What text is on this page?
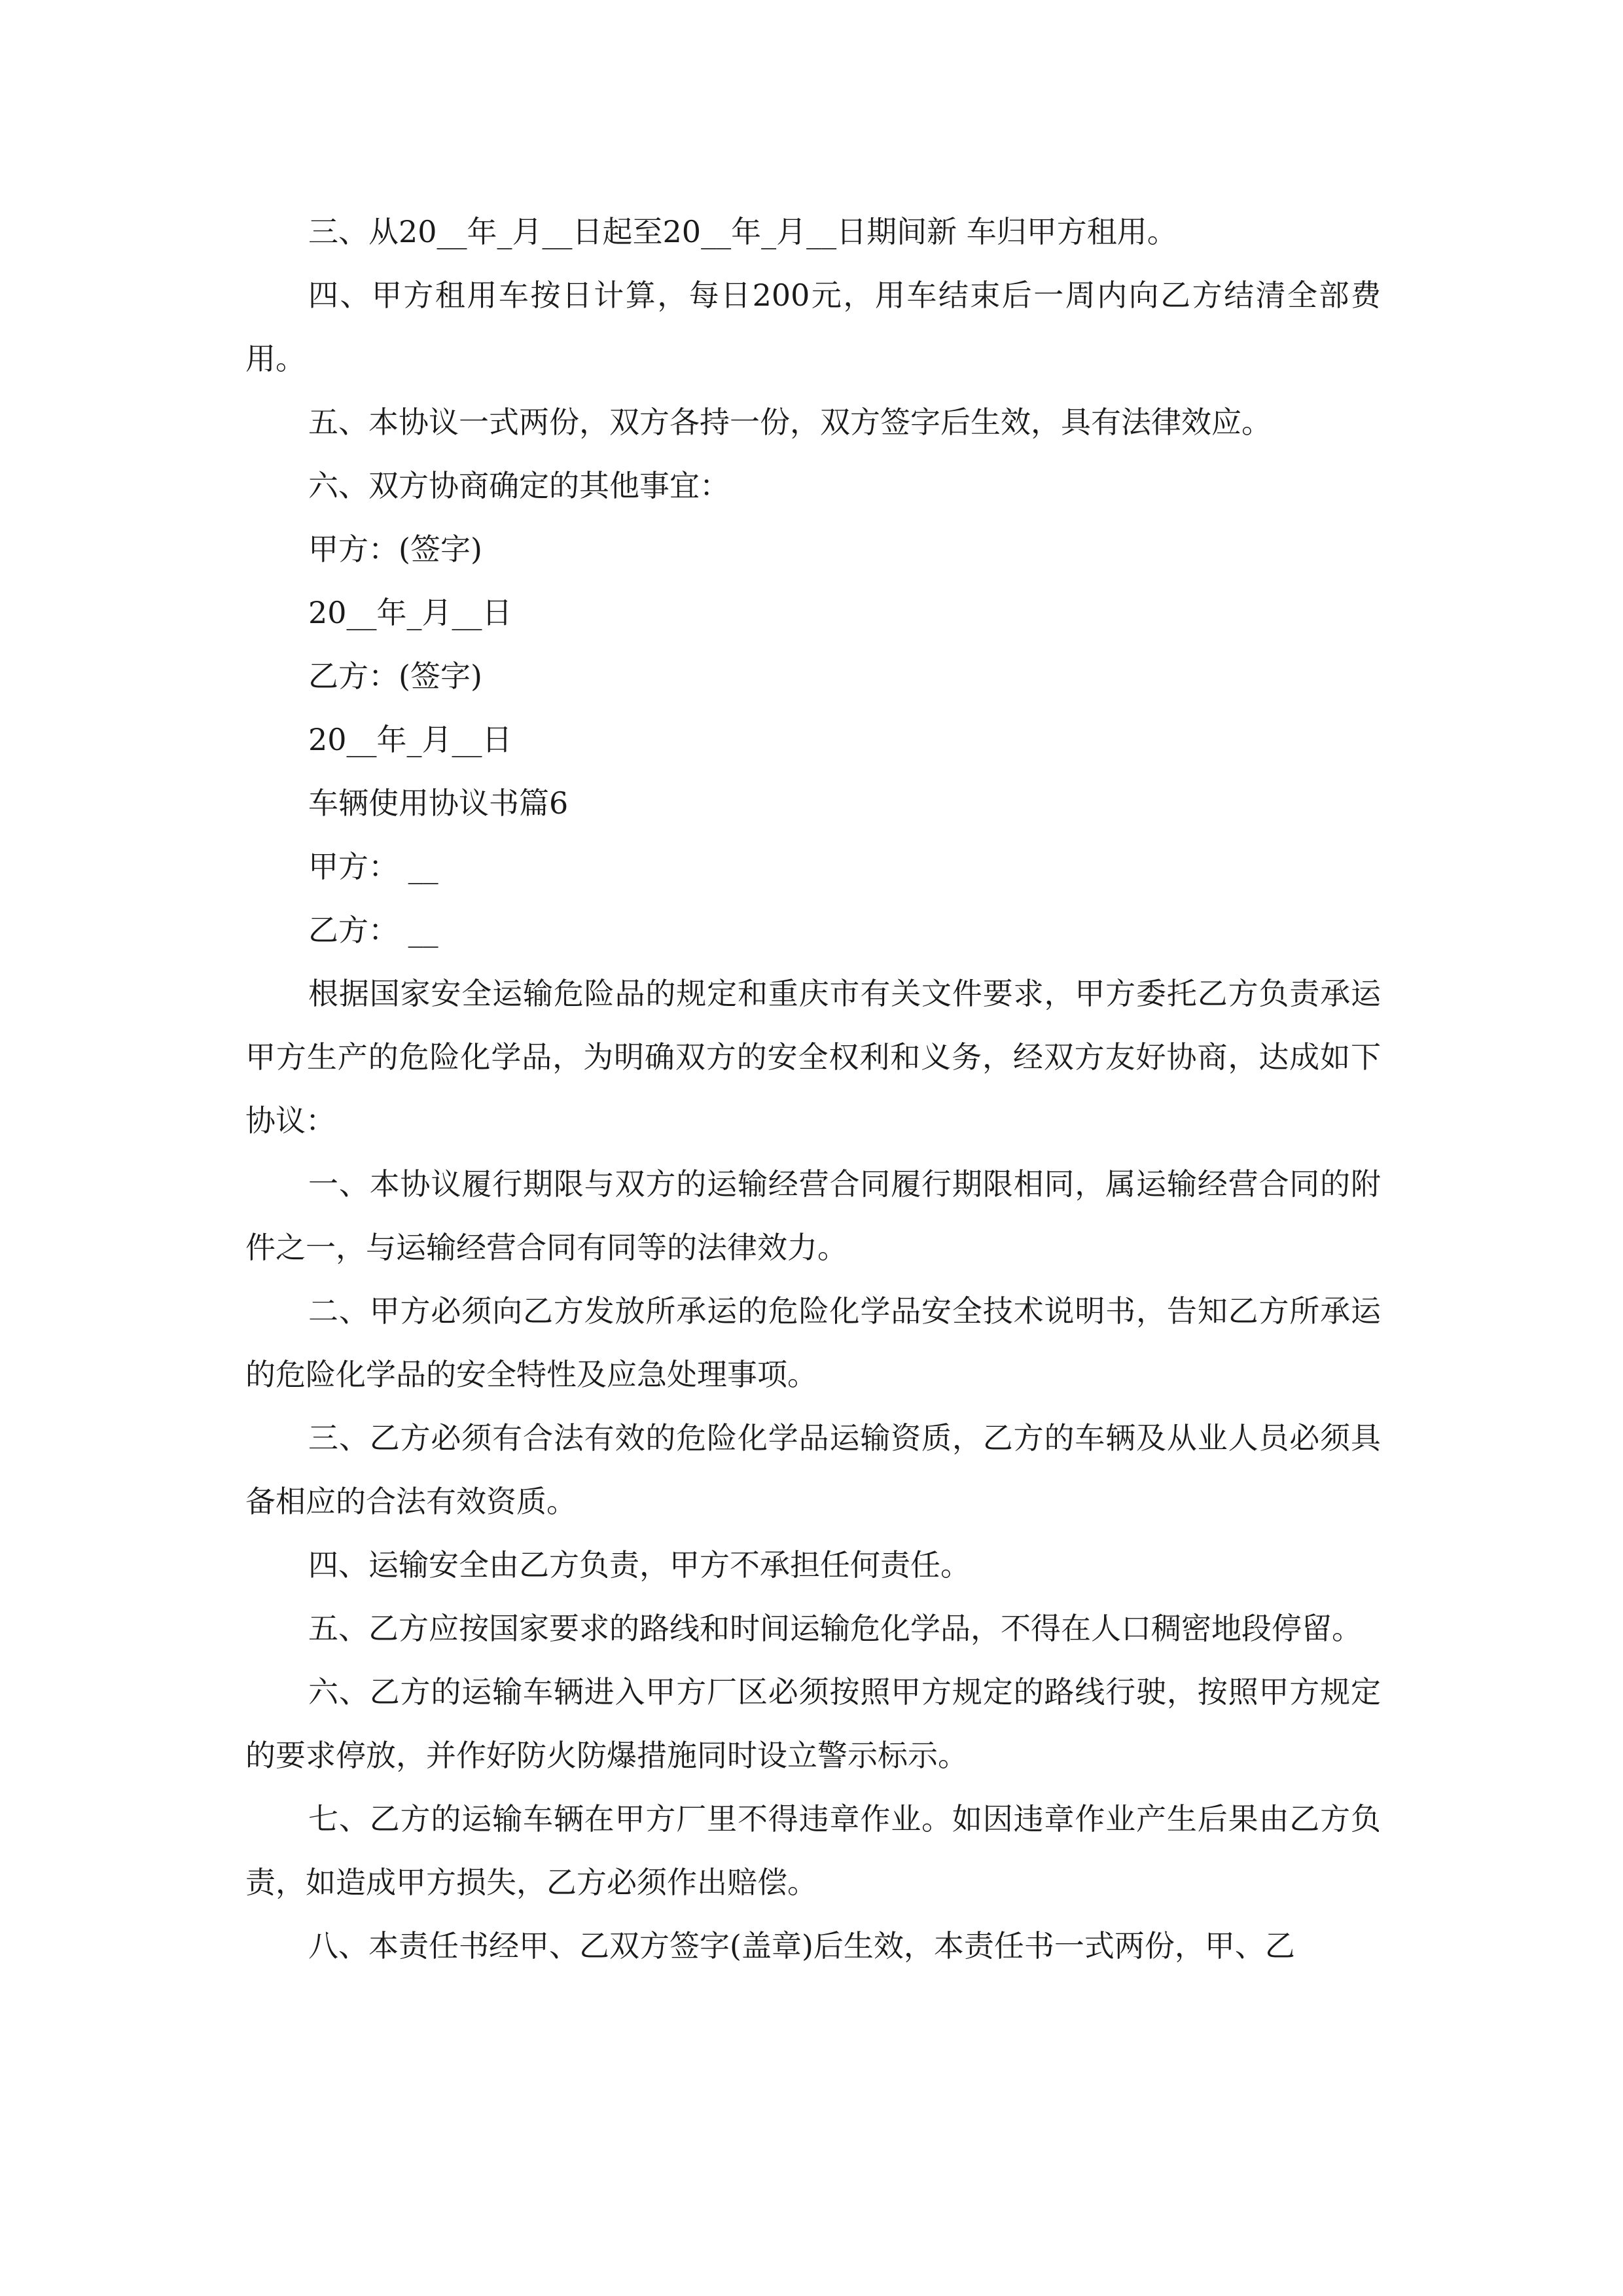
三、从20__年_月__日起至20__年_月__日期间新 车归甲方租用。

四、甲方租用车按日计算，每日200元，用车结束后一周内向乙方结清全部费用。

五、本协议一式两份，双方各持一份，双方签字后生效，具有法律效应。

六、双方协商确定的其他事宜：

甲方：(签字)

20__年_月__日

乙方：(签字)

20__年_月__日

车辆使用协议书篇6

甲方： __

乙方： __

根据国家安全运输危险品的规定和重庆市有关文件要求，甲方委托乙方负责承运甲方生产的危险化学品，为明确双方的安全权利和义务，经双方友好协商，达成如下协议：

一、本协议履行期限与双方的运输经营合同履行期限相同，属运输经营合同的附件之一，与运输经营合同有同等的法律效力。

二、甲方必须向乙方发放所承运的危险化学品安全技术说明书，告知乙方所承运的危险化学品的安全特性及应急处理事项。

三、乙方必须有合法有效的危险化学品运输资质，乙方的车辆及从业人员必须具备相应的合法有效资质。

四、运输安全由乙方负责，甲方不承担任何责任。

五、乙方应按国家要求的路线和时间运输危化学品，不得在人口稠密地段停留。

六、乙方的运输车辆进入甲方厂区必须按照甲方规定的路线行驶，按照甲方规定的要求停放，并作好防火防爆措施同时设立警示标示。

七、乙方的运输车辆在甲方厂里不得违章作业。如因违章作业产生后果由乙方负责，如造成甲方损失，乙方必须作出赔偿。

八、本责任书经甲、乙双方签字(盖章)后生效，本责任书一式两份，甲、乙
